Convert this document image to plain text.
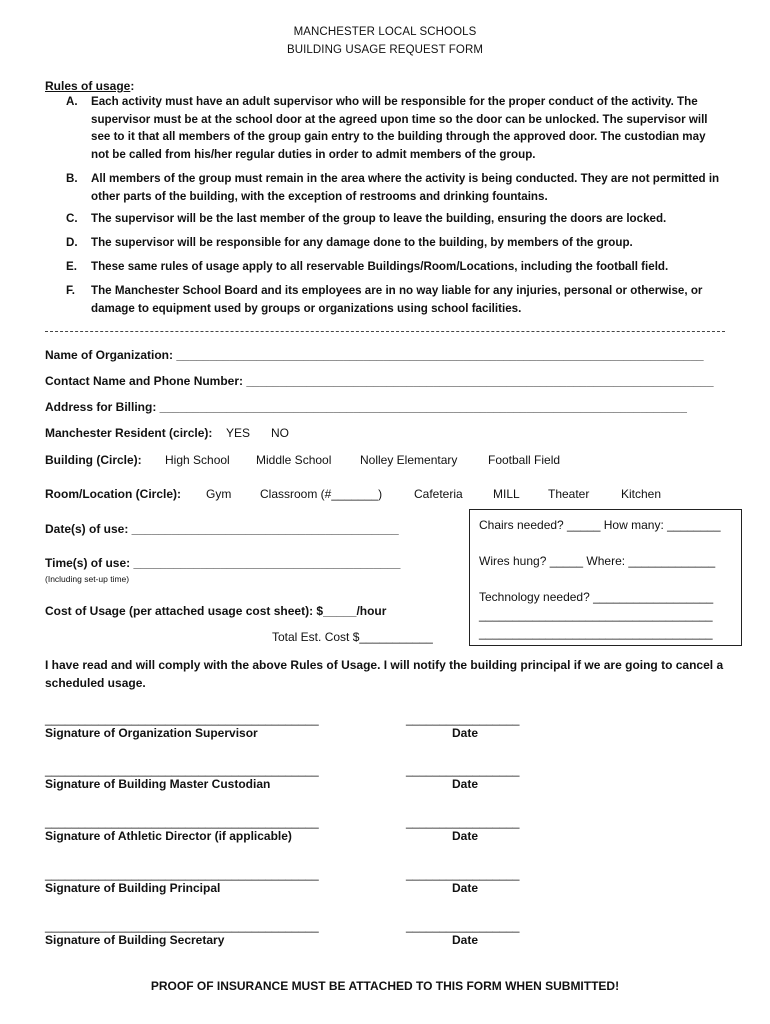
MANCHESTER LOCAL SCHOOLS
BUILDING USAGE REQUEST FORM
Rules of usage:
A. Each activity must have an adult supervisor who will be responsible for the proper conduct of the activity. The supervisor must be at the school door at the agreed upon time so the door can be unlocked. The supervisor will see to it that all members of the group gain entry to the building through the approved door. The custodian may not be called from his/her regular duties in order to admit members of the group.
B. All members of the group must remain in the area where the activity is being conducted. They are not permitted in other parts of the building, with the exception of restrooms and drinking fountains.
C. The supervisor will be the last member of the group to leave the building, ensuring the doors are locked.
D. The supervisor will be responsible for any damage done to the building, by members of the group.
E. These same rules of usage apply to all reservable Buildings/Room/Locations, including the football field.
F. The Manchester School Board and its employees are in no way liable for any injuries, personal or otherwise, or damage to equipment used by groups or organizations using school facilities.
Name of Organization: _______________________________________________________________________________
Contact Name and Phone Number: ______________________________________________________________________
Address for Billing: _______________________________________________________________________________
Manchester Resident (circle): YES NO
Building (Circle): High School Middle School Nolley Elementary	Football Field
Room/Location (Circle): Gym Classroom (#_______)	Cafeteria	MILL Theater	Kitchen
Date(s) of use: ________________________________________
Time(s) of use: ________________________________________
(Including set-up time)
Cost of Usage (per attached usage cost sheet): $_____/hour
Total Est. Cost $___________
Chairs needed? _____ How many: ________
Wires hung? _____ Where: _____________
Technology needed? __________________
___________________________________
___________________________________
I have read and will comply with the above Rules of Usage. I will notify the building principal if we are going to cancel a scheduled usage.
_________________________________________	_________________
Signature of Organization Supervisor	Date
_________________________________________	_________________
Signature of Building Master Custodian	Date
_________________________________________	_________________
Signature of Athletic Director (if applicable)	Date
_________________________________________	_________________
Signature of Building Principal	Date
_________________________________________	_________________
Signature of Building Secretary	Date
PROOF OF INSURANCE MUST BE ATTACHED TO THIS FORM WHEN SUBMITTED!
